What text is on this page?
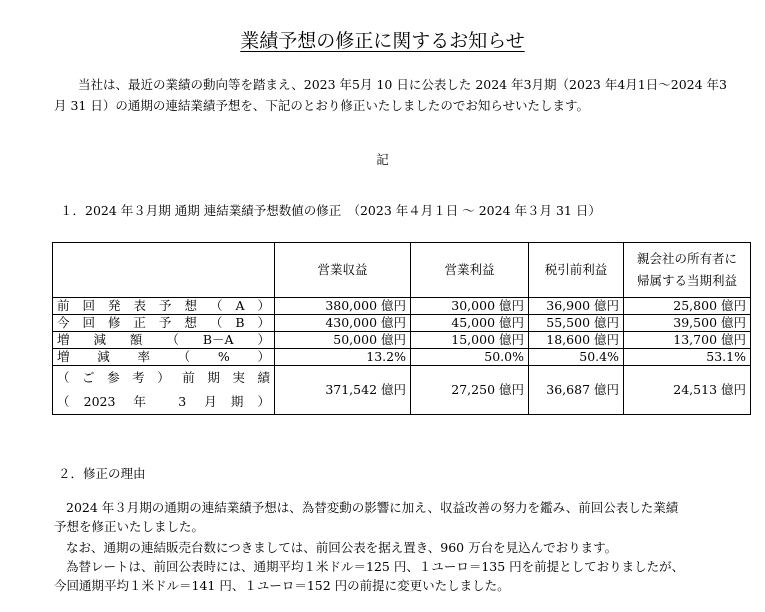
業績予想の修正に関するお知らせ
当社は、最近の業績の動向等を踏まえ、2023 年5月 10 日に公表した 2024 年3月期（2023 年4月1日～2024 年3
月 31 日）の通期の連結業績予想を、下記のとおり修正いたしましたのでお知らせいたします。
記
１．2024 年３月期 通期 連結業績予想数値の修正　（2023 年４月１日 ～ 2024 年３月 31 日）
	営業収益	営業利益	税引前利益	親会社の所有者に
帰属する当期利益

前回発表予想（A）	380,000 億円	30,000 億円	36,900 億円	25,800 億円
今回修正予想（B）	430,000 億円	45,000 億円	55,500 億円	39,500 億円
増減額（B－A）	50,000 億円	15,000 億円	18,600 億円	13,700 億円
増減率（%）	13.2%	50.0%	50.4%	53.1%

（ご参考）前期実績
（2023 年 3 月期）	371,542 億円	27,250 億円	36,687 億円	24,513 億円
２．修正の理由
2024 年３月期の通期の連結業績予想は、為替変動の影響に加え、収益改善の努力を鑑み、前回公表した業績
予想を修正いたしました。
なお、通期の連結販売台数につきましては、前回公表を据え置き、960 万台を見込んでおります。
為替レートは、前回公表時には、通期平均１米ドル＝125 円、１ユーロ＝135 円を前提としておりましたが、
今回通期平均１米ドル＝141 円、１ユーロ＝152 円の前提に変更いたしました。
